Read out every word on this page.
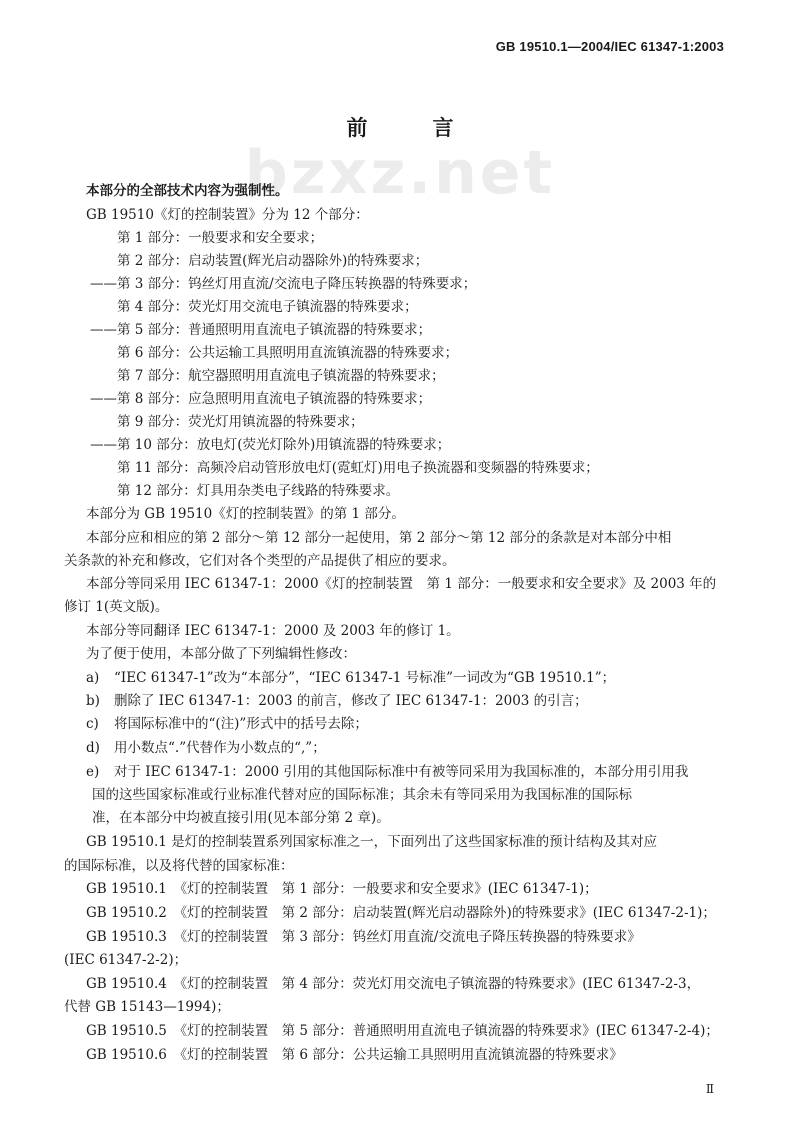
GB 19510.1—2004/IEC 61347-1:2003
bzxz.net
前　言
本部分的全部技术内容为强制性。
GB 19510《灯的控制装置》分为 12 个部分：
第 1 部分：一般要求和安全要求；
第 2 部分：启动装置(辉光启动器除外)的特殊要求；
——第 3 部分：钨丝灯用直流/交流电子降压转换器的特殊要求；
第 4 部分：荧光灯用交流电子镇流器的特殊要求；
——第 5 部分：普通照明用直流电子镇流器的特殊要求；
第 6 部分：公共运输工具照明用直流镇流器的特殊要求；
第 7 部分：航空器照明用直流电子镇流器的特殊要求；
——第 8 部分：应急照明用直流电子镇流器的特殊要求；
第 9 部分：荧光灯用镇流器的特殊要求；
——第 10 部分：放电灯(荧光灯除外)用镇流器的特殊要求；
第 11 部分：高频冷启动管形放电灯(霓虹灯)用电子换流器和变频器的特殊要求；
第 12 部分：灯具用杂类电子线路的特殊要求。
本部分为 GB 19510《灯的控制装置》的第 1 部分。
本部分应和相应的第 2 部分～第 12 部分一起使用，第 2 部分～第 12 部分的条款是对本部分中相
关条款的补充和修改，它们对各个类型的产品提供了相应的要求。
本部分等同采用 IEC 61347-1：2000《灯的控制装置　第 1 部分：一般要求和安全要求》及 2003 年的
修订 1(英文版)。
本部分等同翻译 IEC 61347-1：2000 及 2003 年的修订 1。
为了便于使用，本部分做了下列编辑性修改：
a) “IEC 61347-1”改为“本部分”，“IEC 61347-1 号标准”一词改为“GB 19510.1”；
b) 删除了 IEC 61347-1：2003 的前言，修改了 IEC 61347-1：2003 的引言；
c) 将国际标准中的“(注)”形式中的括号去除；
d) 用小数点“.”代替作为小数点的“,”；
e) 对于 IEC 61347-1：2000 引用的其他国际标准中有被等同采用为我国标准的，本部分用引用我
国的这些国家标准或行业标准代替对应的国际标准；其余未有等同采用为我国标准的国际标
准，在本部分中均被直接引用(见本部分第 2 章)。
GB 19510.1 是灯的控制装置系列国家标准之一，下面列出了这些国家标准的预计结构及其对应
的国际标准，以及将代替的国家标准：
GB 19510.1　《灯的控制装置　第 1 部分：一般要求和安全要求》(IEC 61347-1)；
GB 19510.2　《灯的控制装置　第 2 部分：启动装置(辉光启动器除外)的特殊要求》(IEC 61347-2-1)；
GB 19510.3　《灯的控制装置　第 3 部分：钨丝灯用直流/交流电子降压转换器的特殊要求》
(IEC 61347-2-2)；
GB 19510.4　《灯的控制装置　第 4 部分：荧光灯用交流电子镇流器的特殊要求》(IEC 61347-2-3，
代替 GB 15143—1994)；
GB 19510.5　《灯的控制装置　第 5 部分：普通照明用直流电子镇流器的特殊要求》(IEC 61347-2-4)；
GB 19510.6　《灯的控制装置　第 6 部分：公共运输工具照明用直流镇流器的特殊要求》
Ⅱ
